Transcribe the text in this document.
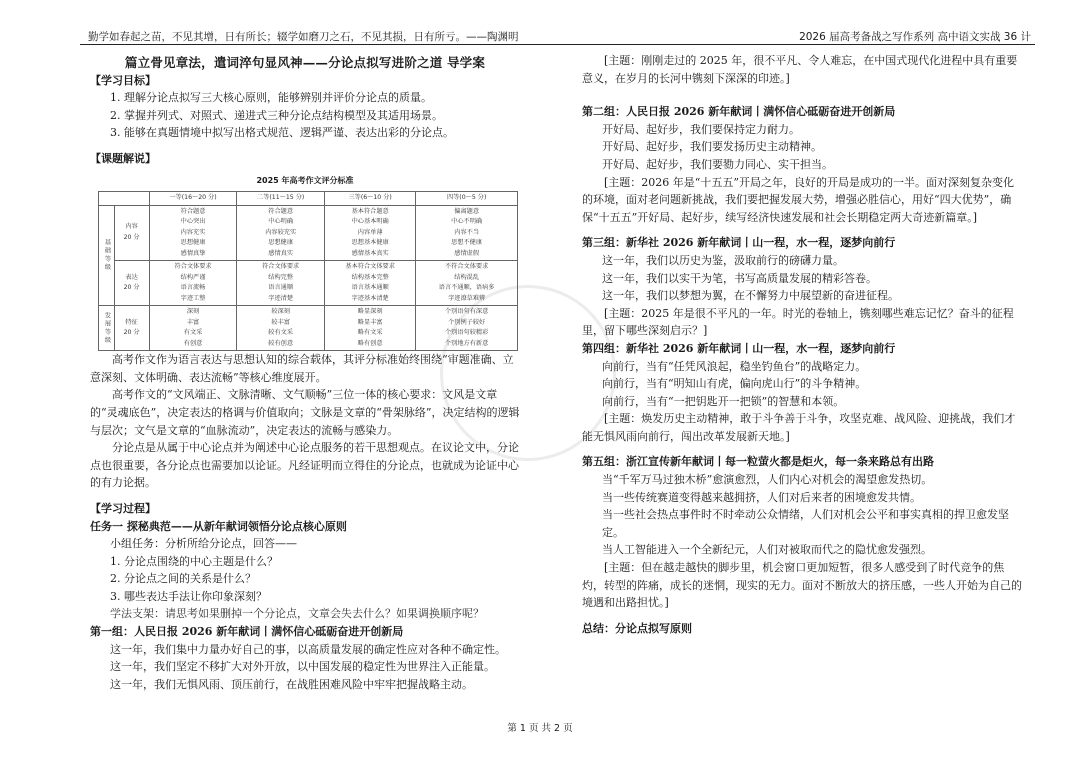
勤学如春起之苗，不见其增，日有所长；辍学如磨刀之石，不见其损，日有所亏。——陶渊明	2026 届高考备战之写作系列 高中语文实战 36 计
篇立骨见章法，遣词淬句显风神——分论点拟写进阶之道 导学案
【学习目标】
1. 理解分论点拟写三大核心原则，能够辨别并评价分论点的质量。
2. 掌握并列式、对照式、递进式三种分论点结构模型及其适用场景。
3. 能够在真题情境中拟写出格式规范、逻辑严谨、表达出彩的分论点。
【课题解说】
2025 年高考作文评分标准
		一等(16～20 分)	二等(11～15 分)	三等(6～10 分)	四等(0～5 分)
基础等级	内容
20 分	符合题意
中心突出
内容充实
思想健康
感情真挚	符合题意
中心明确
内容较充实
思想健康
感情真实	基本符合题意
中心基本明确
内容单薄
思想基本健康
感情基本真实	偏离题意
中心不明确
内容不当
思想不健康
感情虚假
	表达
20 分	符合文体要求
结构严谨
语言流畅
字迹工整	符合文体要求
结构完整
语言通顺
字迹清楚	基本符合文体要求
结构基本完整
语言基本通顺
字迹基本清楚	不符合文体要求
结构混乱
语言不通顺，语病多
字迹潦草难辨
发展等级	特征
20 分	深刻
丰富
有文采
有创意	较深刻
较丰富
较有文采
较有创意	略显深刻
略显丰富
略有文采
略有创意	个别语句有深意
个别例子较好
个别语句较精彩
个别地方有新意

高考作文作为语言表达与思想认知的综合载体，其评分标准始终围绕“审题准确、立意深刻、文体明确、表达流畅”等核心维度展开。

高考作文的“文风端正、文脉清晰、文气顺畅”三位一体的核心要求：文风是文章的“灵魂底色”，决定表达的格调与价值取向；文脉是文章的“骨架脉络”，决定结构的逻辑与层次；文气是文章的“血脉流动”，决定表达的流畅与感染力。

分论点是从属于中心论点并为阐述中心论点服务的若干思想观点。在议论文中，分论点也很重要，各分论点也需要加以论证。凡经证明而立得住的分论点，也就成为论证中心的有力论据。

【学习过程】
任务一 探秘典范——从新年献词领悟分论点核心原则
小组任务：分析所给分论点，回答——
1. 分论点围绕的中心主题是什么？
2. 分论点之间的关系是什么？
3. 哪些表达手法让你印象深刻？
学法支架：请思考如果删掉一个分论点，文章会失去什么？如果调换顺序呢？
第一组：人民日报 2026 新年献词丨满怀信心砥砺奋进开创新局
这一年，我们集中力量办好自己的事，以高质量发展的确定性应对各种不确定性。
这一年，我们坚定不移扩大对外开放，以中国发展的稳定性为世界注入正能量。
这一年，我们无惧风雨、顶压前行，在战胜困难风险中牢牢把握战略主动。

[主题：刚刚走过的 2025 年，很不平凡、令人难忘，在中国式现代化进程中具有重要意义，在岁月的长河中镌刻下深深的印迹。]

第二组：人民日报 2026 新年献词丨满怀信心砥砺奋进开创新局
开好局、起好步，我们要保持定力耐力。
开好局、起好步，我们要发扬历史主动精神。
开好局、起好步，我们要勠力同心、实干担当。

[主题：2026 年是“十五五”开局之年，良好的开局是成功的一半。面对深刻复杂变化的环境，面对老问题新挑战，我们要把握发展大势，增强必胜信心，用好“四大优势”，确保“十五五”开好局、起好步，续写经济快速发展和社会长期稳定两大奇迹新篇章。]

第三组：新华社 2026 新年献词丨山一程，水一程，逐梦向前行
这一年，我们以历史为鉴，汲取前行的磅礴力量。
这一年，我们以实干为笔，书写高质量发展的精彩答卷。
这一年，我们以梦想为翼，在不懈努力中展望新的奋进征程。

[主题：2025 年是很不平凡的一年。时光的卷轴上，镌刻哪些难忘记忆？奋斗的征程里，留下哪些深刻启示？]

第四组：新华社 2026 新年献词丨山一程，水一程，逐梦向前行
向前行，当有“任凭风浪起，稳坐钓鱼台”的战略定力。
向前行，当有“明知山有虎，偏向虎山行”的斗争精神。
向前行，当有“一把钥匙开一把锁”的智慧和本领。

[主题：焕发历史主动精神，敢于斗争善于斗争，攻坚克难、战风险、迎挑战，我们才能无惧风雨向前行，闯出改革发展新天地。]

第五组：浙江宣传新年献词丨每一粒萤火都是炬火，每一条来路总有出路
当“千军万马过独木桥”愈演愈烈，人们内心对机会的渴望愈发热切。
当一些传统赛道变得越来越拥挤，人们对后来者的困境愈发共情。
当一些社会热点事件时不时牵动公众情绪，人们对机会公平和事实真相的捍卫愈发坚定。
当人工智能进入一个全新纪元，人们对被取而代之的隐忧愈发强烈。

[主题：但在越走越快的脚步里，机会窗口更加短暂，很多人感受到了时代竞争的焦灼，转型的阵痛，成长的迷惘，现实的无力。面对不断放大的挤压感，一些人开始为自己的境遇和出路担忧。]

总结：分论点拟写原则
第 1 页 共 2 页
